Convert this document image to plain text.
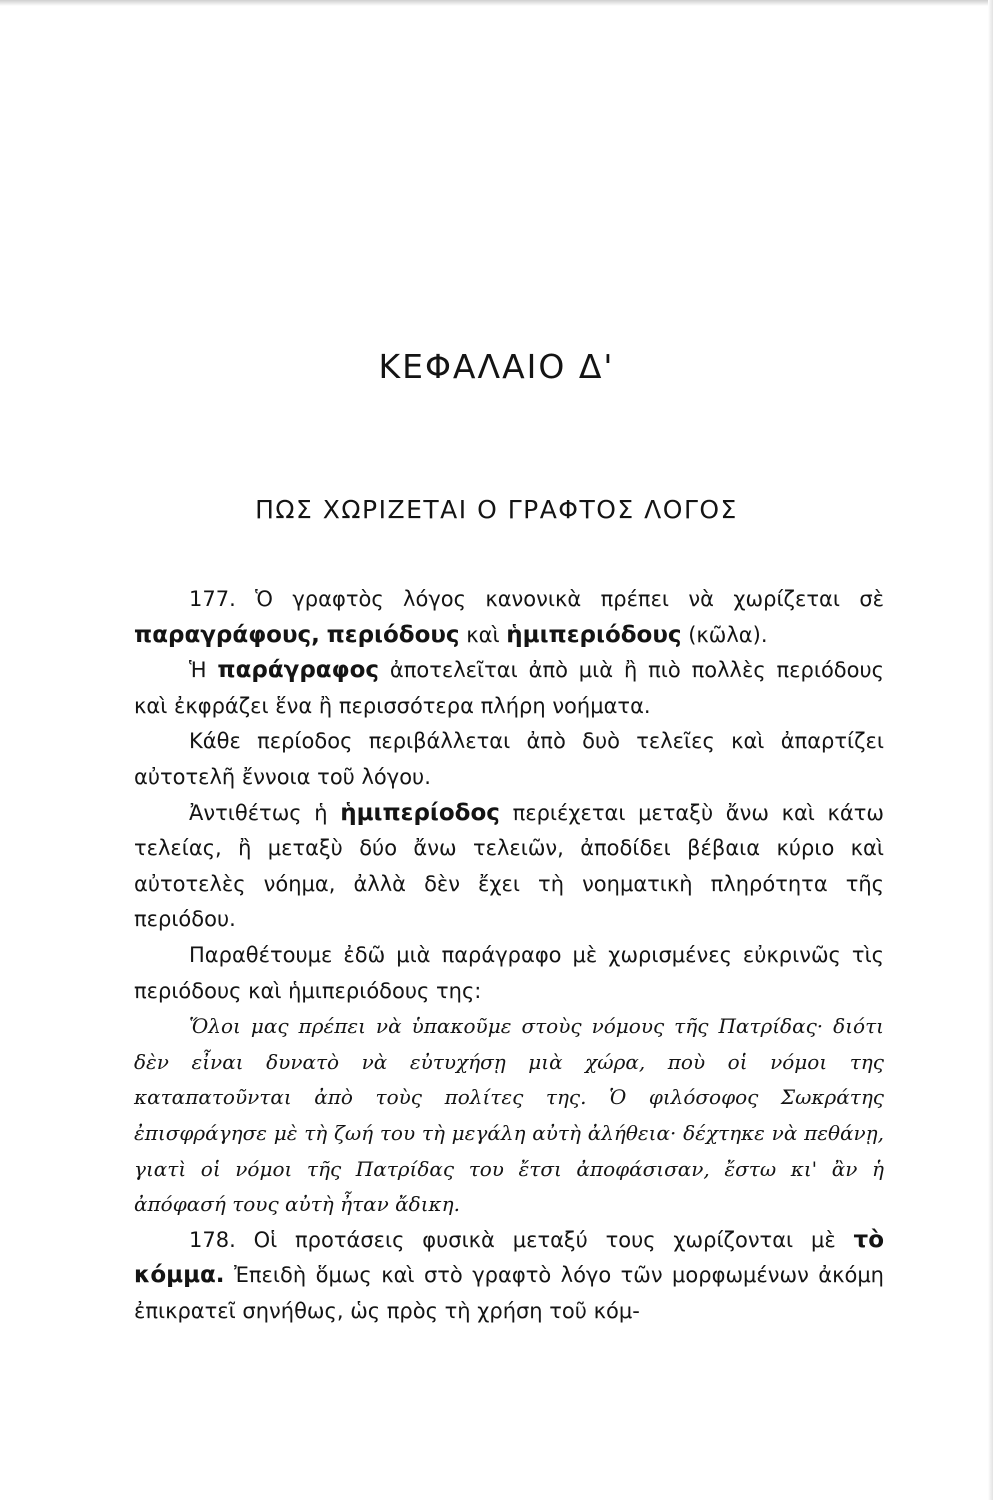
ΚΕΦΑΛΑΙΟ Δ'
ΠΩΣ ΧΩΡΙΖΕΤΑΙ Ο ΓΡΑΦΤΟΣ ΛΟΓΟΣ

177. Ὁ γραφτὸς λόγος κανονικὰ πρέπει νὰ χωρίζεται σὲ παραγράφους, περιόδους καὶ ἡμιπεριόδους (κῶλα).

Ἡ παράγραφος ἀποτελεῖται ἀπὸ μιὰ ἢ πιὸ πολλὲς περιόδους καὶ ἐκφράζει ἕνα ἢ περισσότερα πλήρη νοήματα.

Κάθε περίοδος περιβάλλεται ἀπὸ δυὸ τελεῖες καὶ ἀπαρτίζει αὐτοτελῆ ἔννοια τοῦ λόγου.

Ἀντιθέτως ἡ ἡμιπερίοδος περιέχεται μεταξὺ ἄνω καὶ κάτω τελείας, ἢ μεταξὺ δύο ἄνω τελειῶν, ἀποδίδει βέβαια κύριο καὶ αὐτοτελὲς νόημα, ἀλλὰ δὲν ἔχει τὴ νοηματικὴ πληρότητα τῆς περιόδου.

Παραθέτουμε ἐδῶ μιὰ παράγραφο μὲ χωρισμένες εὐκρινῶς τὶς περιόδους καὶ ἡμιπεριόδους της:

Ὅλοι μας πρέπει νὰ ὑπακοῦμε στοὺς νόμους τῆς Πατρίδας· διότι δὲν εἶναι δυνατὸ νὰ εὐτυχήσῃ μιὰ χώρα, ποὺ οἱ νόμοι της καταπατοῦνται ἀπὸ τοὺς πολίτες της. Ὁ φιλόσοφος Σωκράτης ἐπισφράγησε μὲ τὴ ζωή του τὴ μεγάλη αὐτὴ ἀλήθεια· δέχτηκε νὰ πεθάνῃ, γιατὶ οἱ νόμοι τῆς Πατρίδας του ἔτσι ἀποφάσισαν, ἔστω κι' ἂν ἡ ἀπόφασή τους αὐτὴ ἦταν ἄδικη.

178. Οἱ προτάσεις φυσικὰ μεταξύ τους χωρίζονται μὲ τὸ κόμμα. Ἐπειδὴ ὅμως καὶ στὸ γραφτὸ λόγο τῶν μορφωμένων ἀκόμη ἐπικρατεῖ σηνήθως, ὡς πρὸς τὴ χρήση τοῦ κόμ-
